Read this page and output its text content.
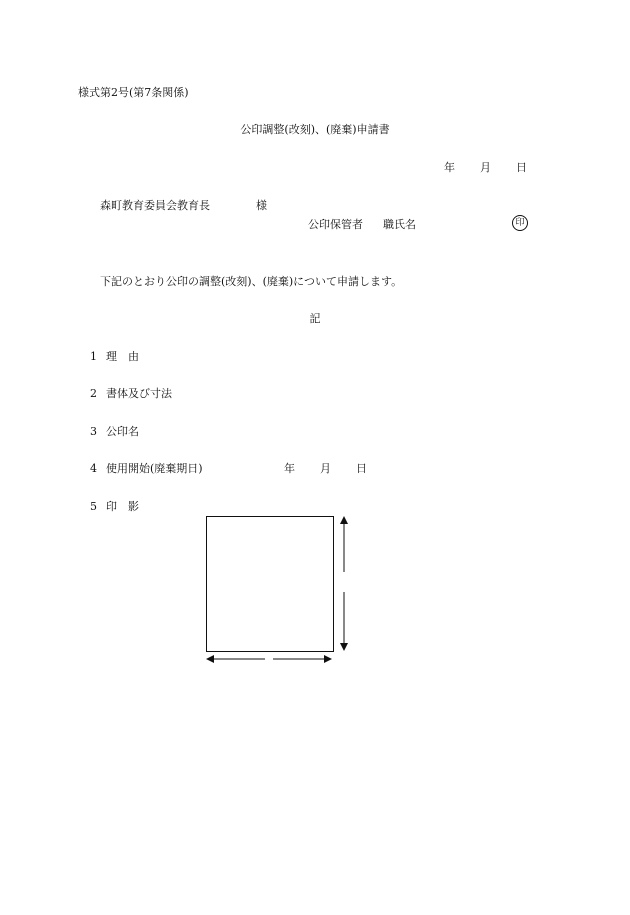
様式第2号(第7条関係)
公印調整(改刻)、(廃棄)申請書
年 月 日
森町教育委員会教育長	様
公印保管者 職氏名	印
下記のとおり公印の調整(改刻)、(廃棄)について申請します。
記
1 理　由
2 書体及び寸法
3 公印名
4 使用開始(廃棄期日)	年 月 日
5 印　影
